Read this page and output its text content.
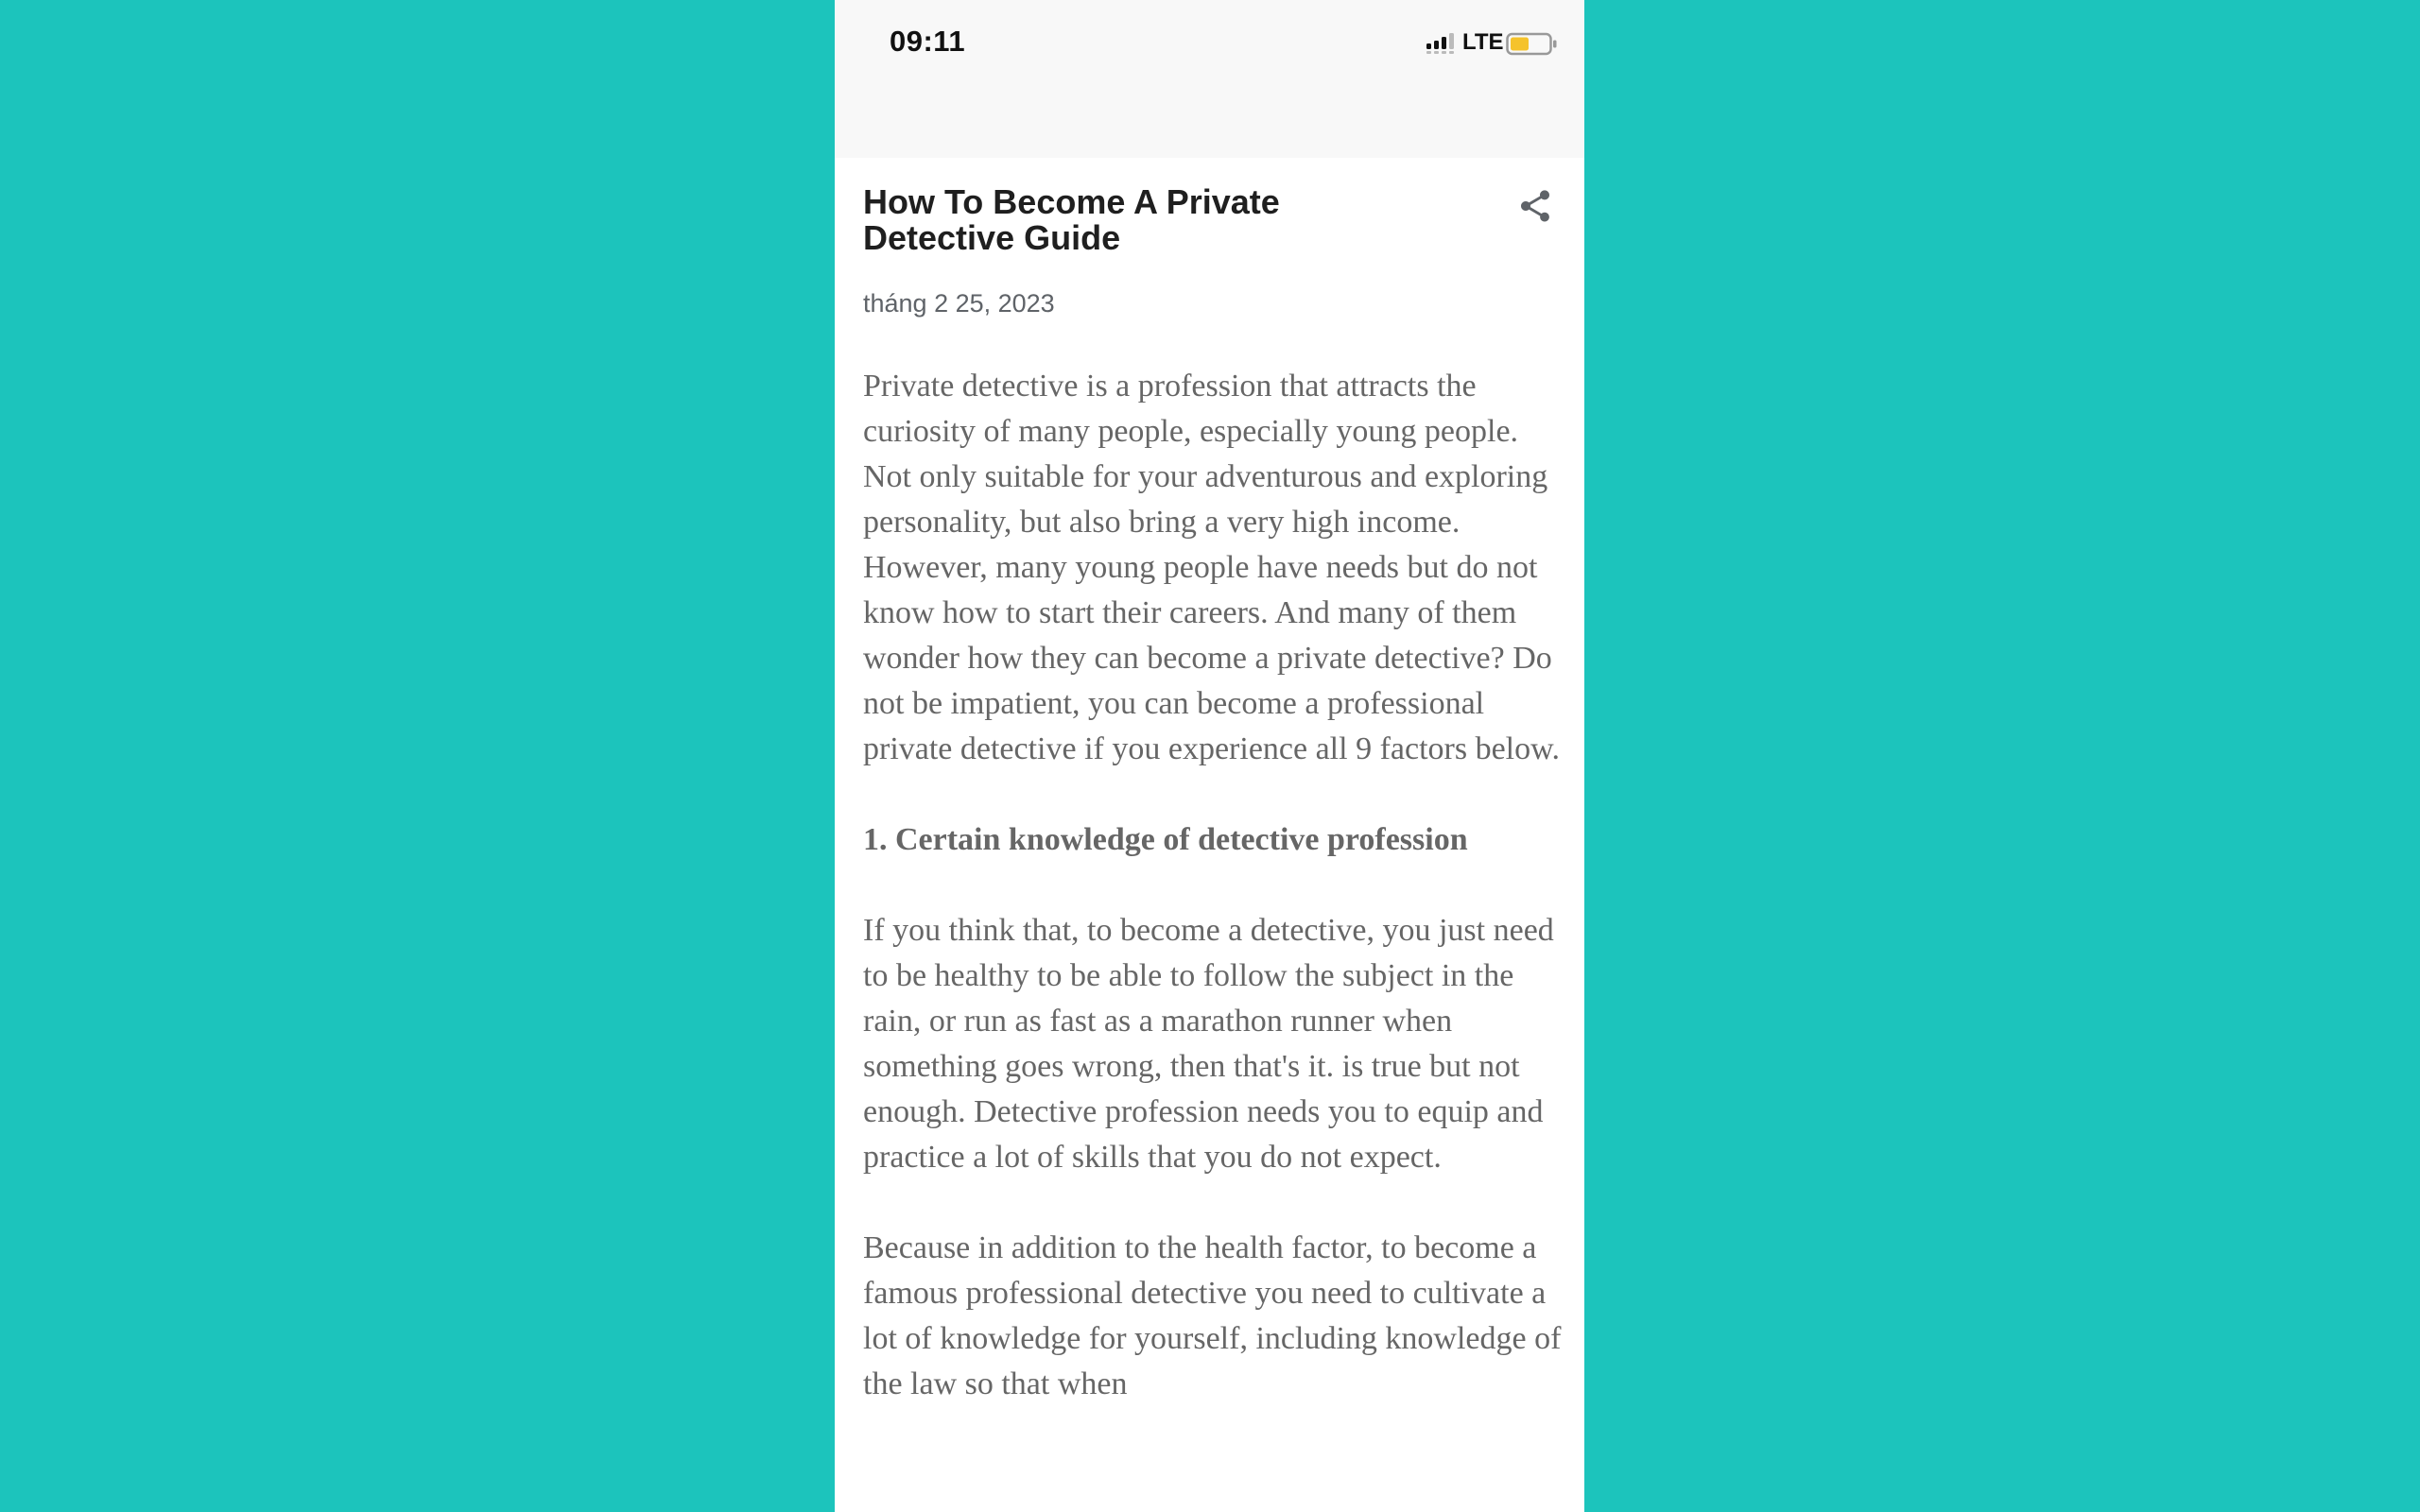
09:11	LTE
How To Become A Private Detective Guide
tháng 2 25, 2023

Private detective is a profession that attracts the curiosity of many people, especially young people. Not only suitable for your adventurous and exploring personality, but also bring a very high income. However, many young people have needs but do not know how to start their careers. And many of them wonder how they can become a private detective? Do not be impatient, you can become a professional private detective if you experience all 9 factors below.

1. Certain knowledge of detective profession

If you think that, to become a detective, you just need to be healthy to be able to follow the subject in the rain, or run as fast as a marathon runner when something goes wrong, then that's it. is true but not enough. Detective profession needs you to equip and practice a lot of skills that you do not expect.

Because in addition to the health factor, to become a famous professional detective you need to cultivate a lot of knowledge for yourself, including knowledge of the law so that when
